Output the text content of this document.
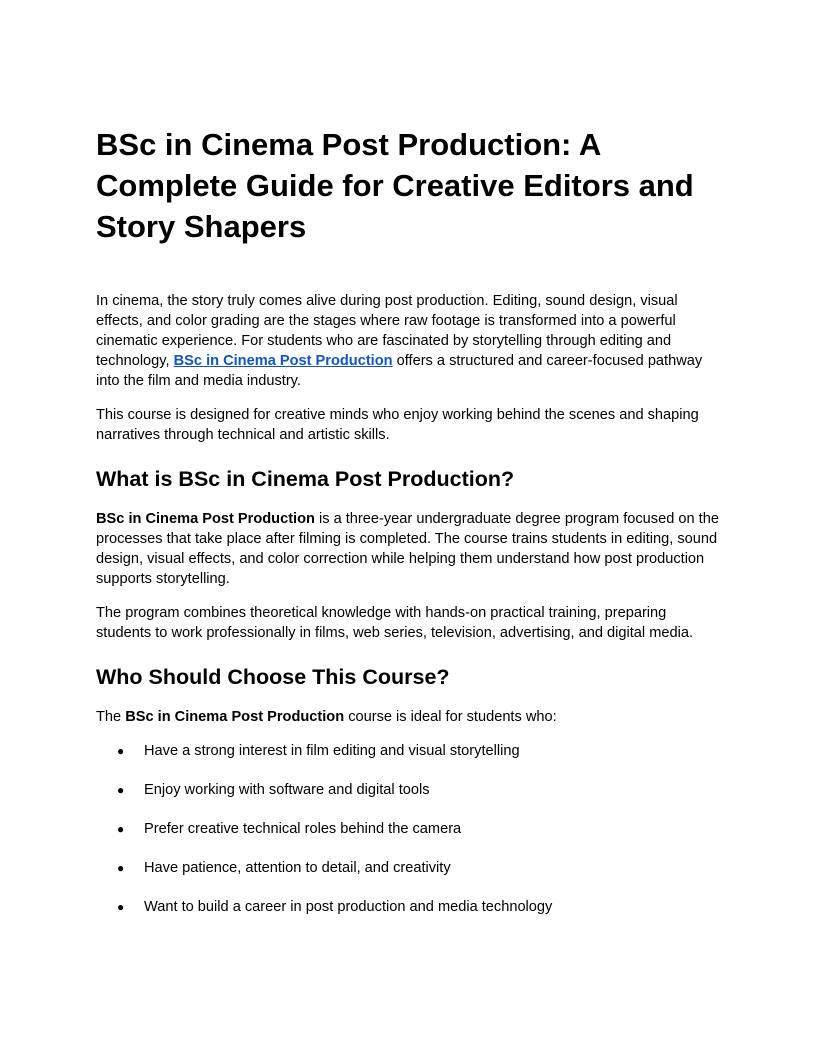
BSc in Cinema Post Production: A Complete Guide for Creative Editors and Story Shapers

In cinema, the story truly comes alive during post production. Editing, sound design, visual effects, and color grading are the stages where raw footage is transformed into a powerful cinematic experience. For students who are fascinated by storytelling through editing and technology, BSc in Cinema Post Production offers a structured and career-focused pathway into the film and media industry.

This course is designed for creative minds who enjoy working behind the scenes and shaping narratives through technical and artistic skills.

What is BSc in Cinema Post Production?

BSc in Cinema Post Production is a three-year undergraduate degree program focused on the processes that take place after filming is completed. The course trains students in editing, sound design, visual effects, and color correction while helping them understand how post production supports storytelling.

The program combines theoretical knowledge with hands-on practical training, preparing students to work professionally in films, web series, television, advertising, and digital media.

Who Should Choose This Course?

The BSc in Cinema Post Production course is ideal for students who:

● Have a strong interest in film editing and visual storytelling
● Enjoy working with software and digital tools
● Prefer creative technical roles behind the camera
● Have patience, attention to detail, and creativity
● Want to build a career in post production and media technology
